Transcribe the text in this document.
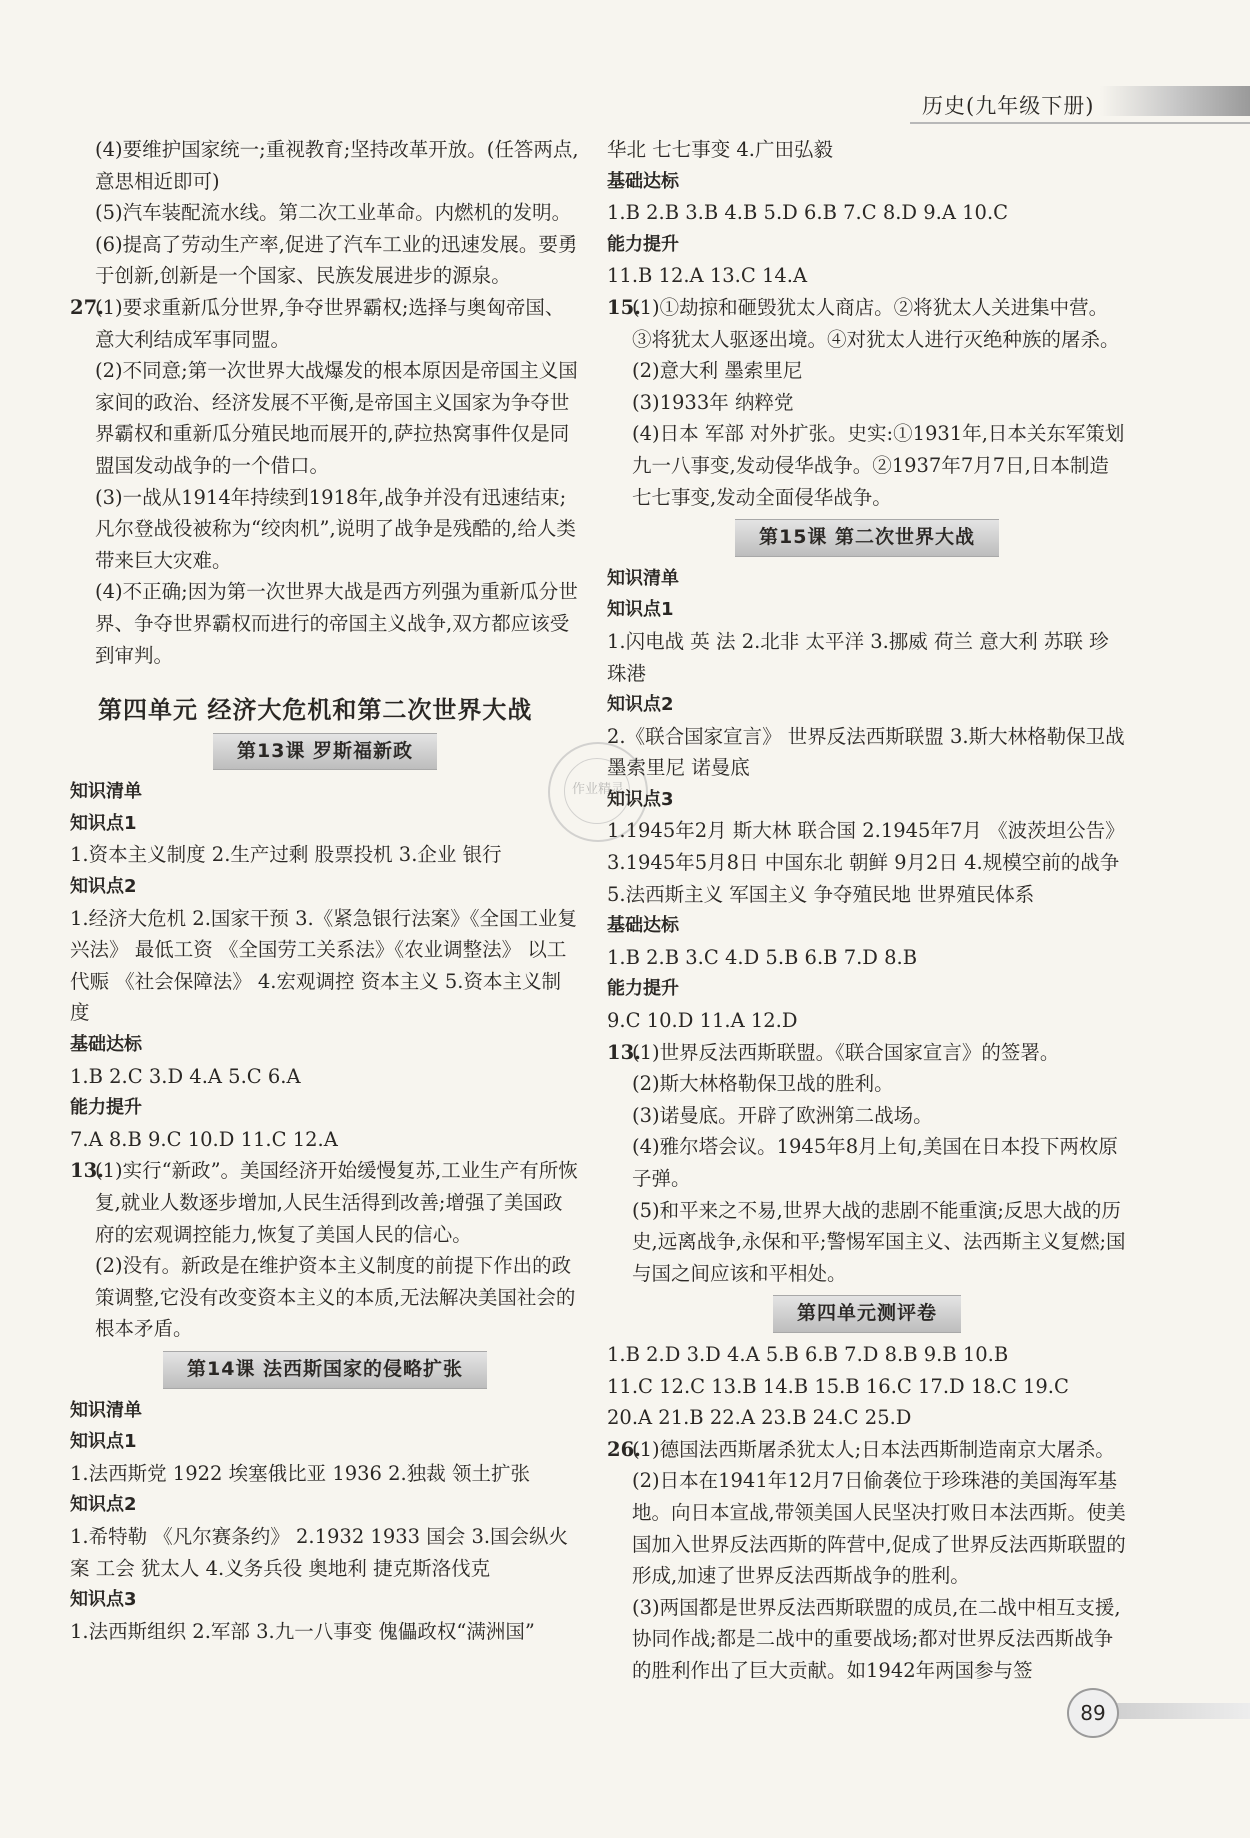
历史(九年级下册)
作业精灵

(4)要维护国家统一;重视教育;坚持改革开放。(任答两点,意思相近即可)

(5)汽车装配流水线。第二次工业革命。内燃机的发明。

(6)提高了劳动生产率,促进了汽车工业的迅速发展。要勇于创新,创新是一个国家、民族发展进步的源泉。

27.

(1)要求重新瓜分世界,争夺世界霸权;选择与奥匈帝国、意大利结成军事同盟。

(2)不同意;第一次世界大战爆发的根本原因是帝国主义国家间的政治、经济发展不平衡,是帝国主义国家为争夺世界霸权和重新瓜分殖民地而展开的,萨拉热窝事件仅是同盟国发动战争的一个借口。

(3)一战从1914年持续到1918年,战争并没有迅速结束;凡尔登战役被称为“绞肉机”,说明了战争是残酷的,给人类带来巨大灾难。

(4)不正确;因为第一次世界大战是西方列强为重新瓜分世界、争夺世界霸权而进行的帝国主义战争,双方都应该受到审判。

第四单元 经济大危机和第二次世界大战
第13课 罗斯福新政

知识清单

知识点1

1.资本主义制度 2.生产过剩 股票投机 3.企业 银行

知识点2

1.经济大危机 2.国家干预 3.《紧急银行法案》《全国工业复兴法》 最低工资 《全国劳工关系法》《农业调整法》 以工代赈 《社会保障法》 4.宏观调控 资本主义 5.资本主义制度

基础达标

1.B 2.C 3.D 4.A 5.C 6.A

能力提升

7.A 8.B 9.C 10.D 11.C 12.A

13.

(1)实行“新政”。美国经济开始缓慢复苏,工业生产有所恢复,就业人数逐步增加,人民生活得到改善;增强了美国政府的宏观调控能力,恢复了美国人民的信心。

(2)没有。新政是在维护资本主义制度的前提下作出的政策调整,它没有改变资本主义的本质,无法解决美国社会的根本矛盾。

第14课 法西斯国家的侵略扩张

知识清单

知识点1

1.法西斯党 1922 埃塞俄比亚 1936 2.独裁 领土扩张

知识点2

1.希特勒 《凡尔赛条约》 2.1932 1933 国会 3.国会纵火案 工会 犹太人 4.义务兵役 奥地利 捷克斯洛伐克

知识点3

1.法西斯组织 2.军部 3.九一八事变 傀儡政权“满洲国”

华北 七七事变 4.广田弘毅

基础达标

1.B 2.B 3.B 4.B 5.D 6.B 7.C 8.D 9.A 10.C

能力提升

11.B 12.A 13.C 14.A

15.

(1)①劫掠和砸毁犹太人商店。②将犹太人关进集中营。③将犹太人驱逐出境。④对犹太人进行灭绝种族的屠杀。

(2)意大利 墨索里尼

(3)1933年 纳粹党

(4)日本 军部 对外扩张。史实:①1931年,日本关东军策划九一八事变,发动侵华战争。②1937年7月7日,日本制造七七事变,发动全面侵华战争。

第15课 第二次世界大战

知识清单

知识点1

1.闪电战 英 法 2.北非 太平洋 3.挪威 荷兰 意大利 苏联 珍珠港

知识点2

2.《联合国家宣言》 世界反法西斯联盟 3.斯大林格勒保卫战 墨索里尼 诺曼底

知识点3

1.1945年2月 斯大林 联合国 2.1945年7月 《波茨坦公告》 3.1945年5月8日 中国东北 朝鲜 9月2日 4.规模空前的战争 5.法西斯主义 军国主义 争夺殖民地 世界殖民体系

基础达标

1.B 2.B 3.C 4.D 5.B 6.B 7.D 8.B

能力提升

9.C 10.D 11.A 12.D

13.

(1)世界反法西斯联盟。《联合国家宣言》的签署。

(2)斯大林格勒保卫战的胜利。

(3)诺曼底。开辟了欧洲第二战场。

(4)雅尔塔会议。1945年8月上旬,美国在日本投下两枚原子弹。

(5)和平来之不易,世界大战的悲剧不能重演;反思大战的历史,远离战争,永保和平;警惕军国主义、法西斯主义复燃;国与国之间应该和平相处。

第四单元测评卷

1.B 2.D 3.D 4.A 5.B 6.B 7.D 8.B 9.B 10.B

11.C 12.C 13.B 14.B 15.B 16.C 17.D 18.C 19.C

20.A 21.B 22.A 23.B 24.C 25.D

26.

(1)德国法西斯屠杀犹太人;日本法西斯制造南京大屠杀。

(2)日本在1941年12月7日偷袭位于珍珠港的美国海军基地。向日本宣战,带领美国人民坚决打败日本法西斯。使美国加入世界反法西斯的阵营中,促成了世界反法西斯联盟的形成,加速了世界反法西斯战争的胜利。

(3)两国都是世界反法西斯联盟的成员,在二战中相互支援,协同作战;都是二战中的重要战场;都对世界反法西斯战争的胜利作出了巨大贡献。如1942年两国参与签

89
